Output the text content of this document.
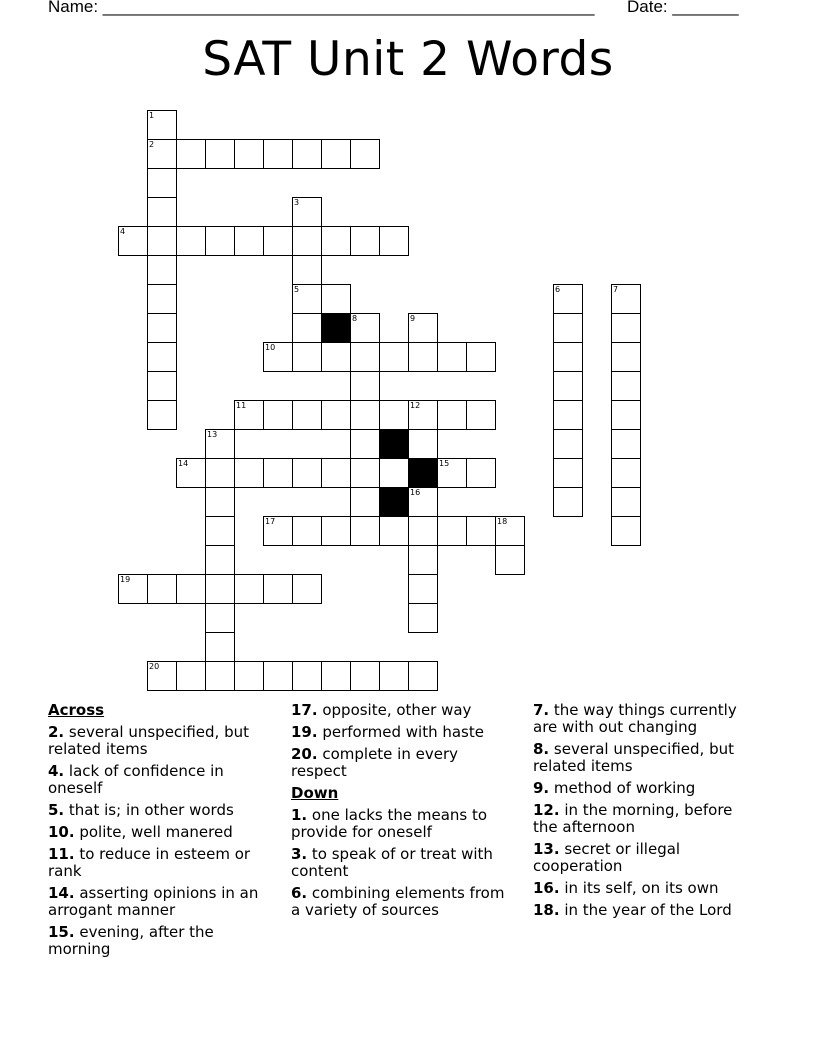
Name: ____________________________________________________ Date: _______
SAT Unit 2 Words
1
2
3
4
5	6	7
8	9
10
11	12
13
14	15
16
17	18
19
20
Across
2. several unspecified, but related items
4. lack of confidence in oneself
5. that is; in other words
10. polite, well manered
11. to reduce in esteem or rank
14. asserting opinions in an arrogant manner
15. evening, after the morning
17. opposite, other way
19. performed with haste
20. complete in every respect
Down
1. one lacks the means to provide for oneself
3. to speak of or treat with content
6. combining elements from a variety of sources
7. the way things currently are with out changing
8. several unspecified, but related items
9. method of working
12. in the morning, before the afternoon
13. secret or illegal cooperation
16. in its self, on its own
18. in the year of the Lord
